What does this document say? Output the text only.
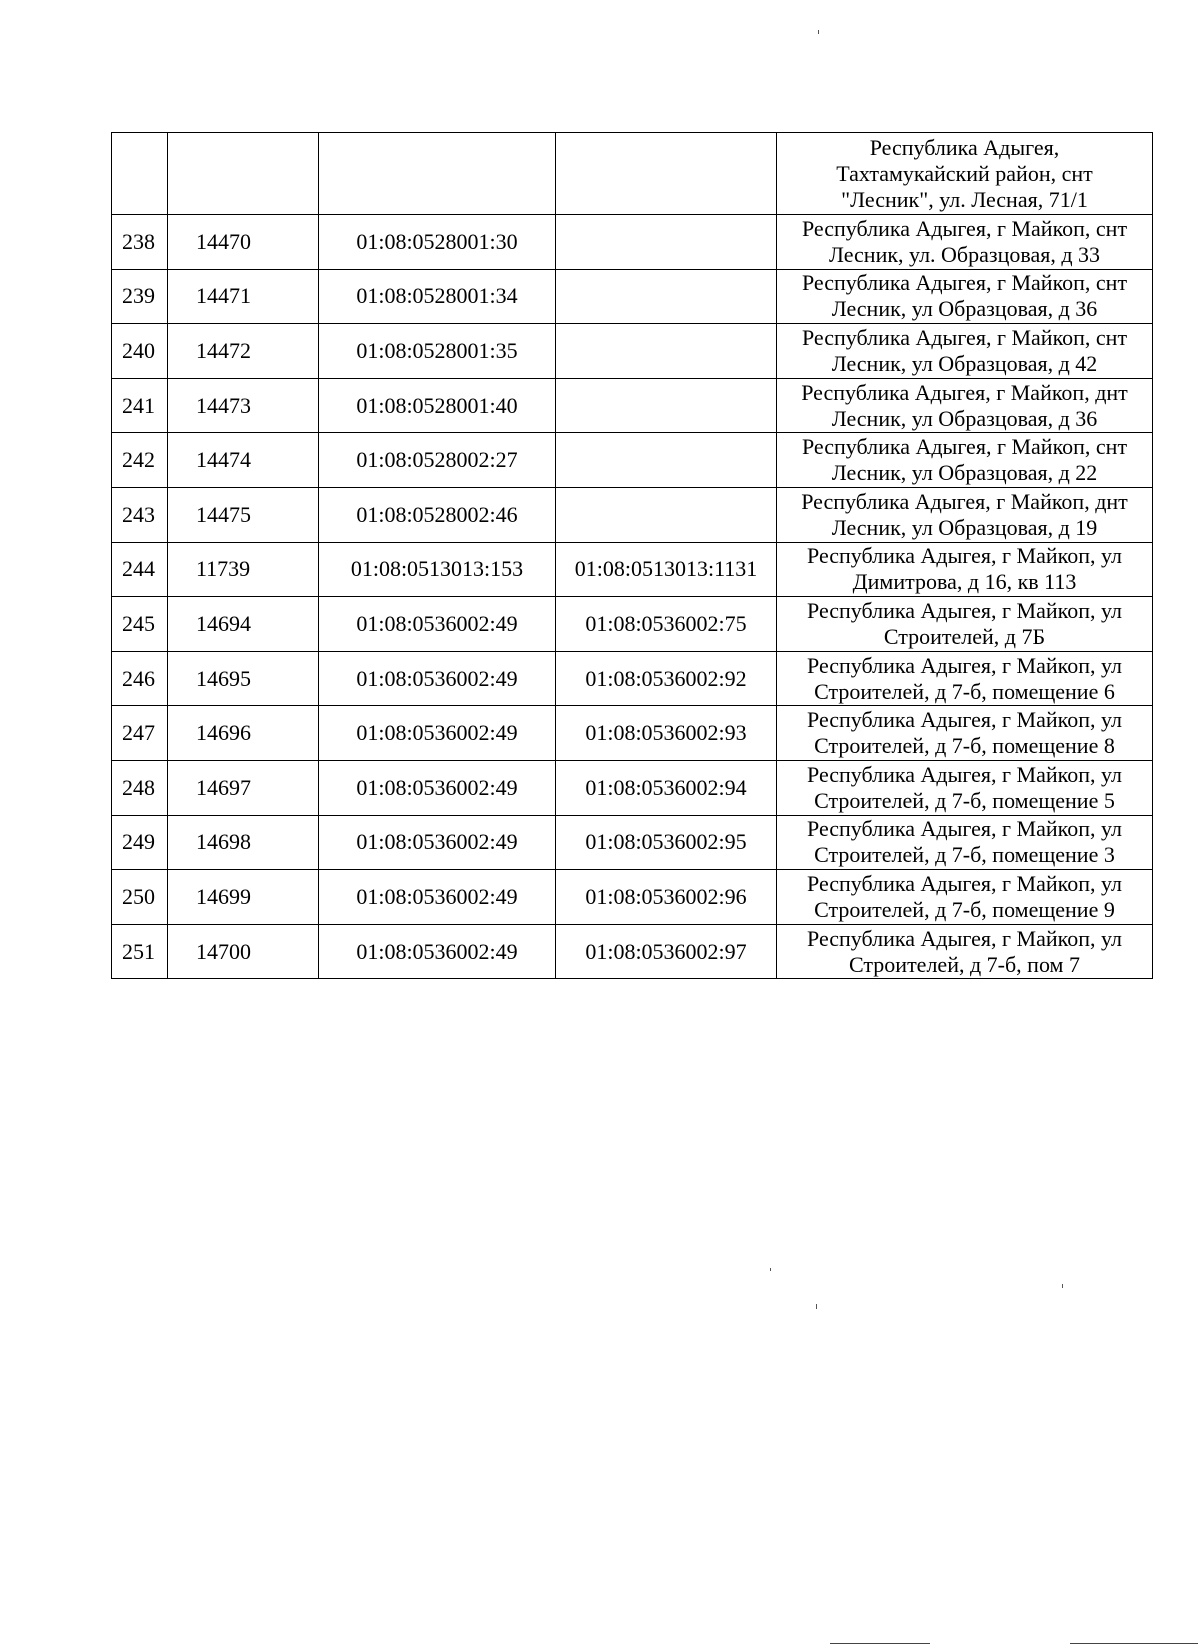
				Республика Адыгея,
Тахтамукайский район, снт
"Лесник", ул. Лесная, 71/1
238	14470	01:08:0528001:30		Республика Адыгея, г Майкоп, снт
Лесник, ул. Образцовая, д 33
239	14471	01:08:0528001:34		Республика Адыгея, г Майкоп, снт
Лесник, ул Образцовая, д 36
240	14472	01:08:0528001:35		Республика Адыгея, г Майкоп, снт
Лесник, ул Образцовая, д 42
241	14473	01:08:0528001:40		Республика Адыгея, г Майкоп, днт
Лесник, ул Образцовая, д 36
242	14474	01:08:0528002:27		Республика Адыгея, г Майкоп, снт
Лесник, ул Образцовая, д 22
243	14475	01:08:0528002:46		Республика Адыгея, г Майкоп, днт
Лесник, ул Образцовая, д 19
244	11739	01:08:0513013:153	01:08:0513013:1131	Республика Адыгея, г Майкоп, ул
Димитрова, д 16, кв 113
245	14694	01:08:0536002:49	01:08:0536002:75	Республика Адыгея, г Майкоп, ул
Строителей, д 7Б
246	14695	01:08:0536002:49	01:08:0536002:92	Республика Адыгея, г Майкоп, ул
Строителей, д 7-б, помещение 6
247	14696	01:08:0536002:49	01:08:0536002:93	Республика Адыгея, г Майкоп, ул
Строителей, д 7-б, помещение 8
248	14697	01:08:0536002:49	01:08:0536002:94	Республика Адыгея, г Майкоп, ул
Строителей, д 7-б, помещение 5
249	14698	01:08:0536002:49	01:08:0536002:95	Республика Адыгея, г Майкоп, ул
Строителей, д 7-б, помещение 3
250	14699	01:08:0536002:49	01:08:0536002:96	Республика Адыгея, г Майкоп, ул
Строителей, д 7-б, помещение 9
251	14700	01:08:0536002:49	01:08:0536002:97	Республика Адыгея, г Майкоп, ул
Строителей, д 7-б, пом 7
